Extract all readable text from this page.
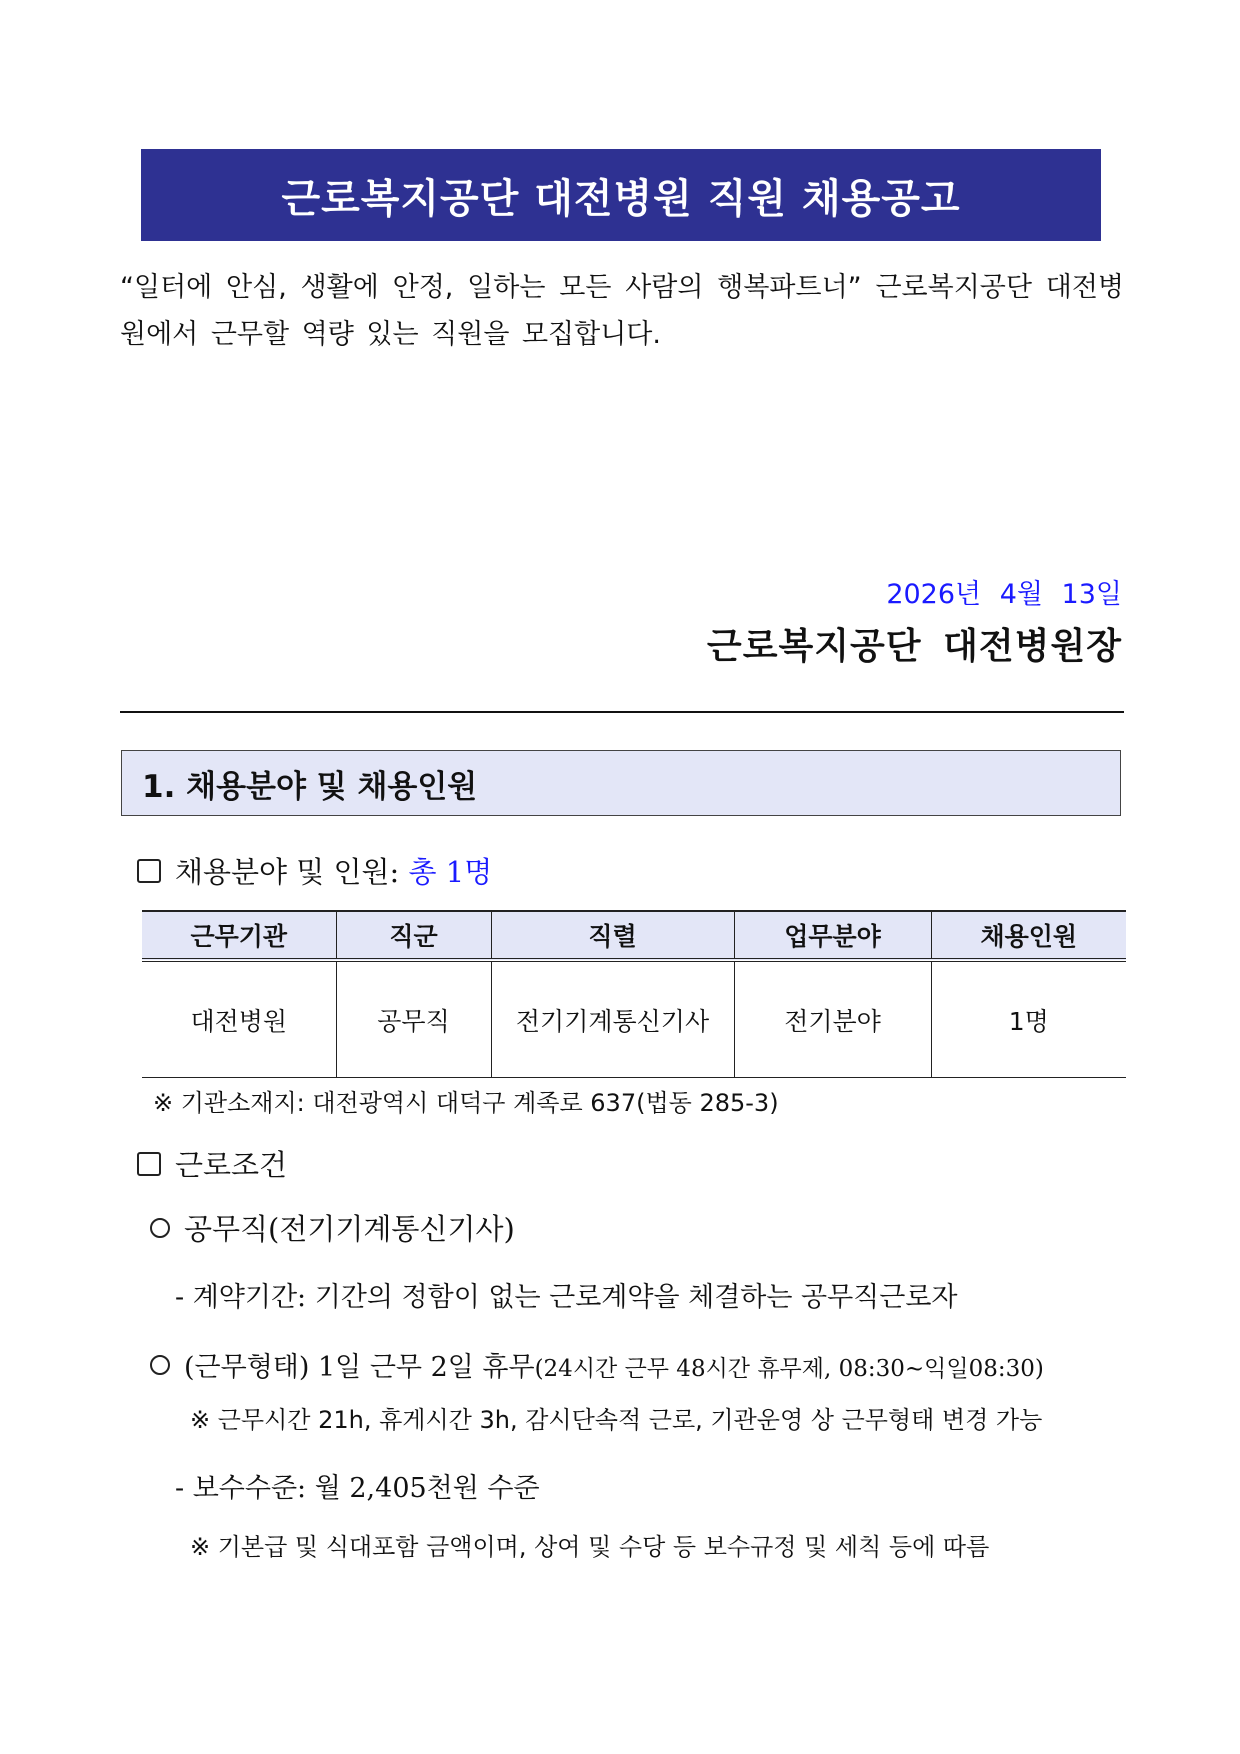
근로복지공단 대전병원 직원 채용공고

“일터에 안심, 생활에 안정, 일하는 모든 사람의 행복파트너” 근로복지공단 대전병원에서 근무할 역량 있는 직원을 모집합니다.

2026년 4월 13일
근로복지공단 대전병원장
1. 채용분야 및 채용인원
채용분야 및 인원: 총 1명
근무기관	직군	직렬	업무분야	채용인원
대전병원	공무직	전기기계통신기사	전기분야	1명
※ 기관소재지: 대전광역시 대덕구 계족로 637(법동 285-3)
근로조건
공무직(전기기계통신기사)
- 계약기간: 기간의 정함이 없는 근로계약을 체결하는 공무직근로자
(근무형태) 1일 근무 2일 휴무(24시간 근무 48시간 휴무제, 08:30∼익일08:30)
※ 근무시간 21h, 휴게시간 3h, 감시단속적 근로, 기관운영 상 근무형태 변경 가능
- 보수수준: 월 2,405천원 수준
※ 기본급 및 식대포함 금액이며, 상여 및 수당 등 보수규정 및 세칙 등에 따름
